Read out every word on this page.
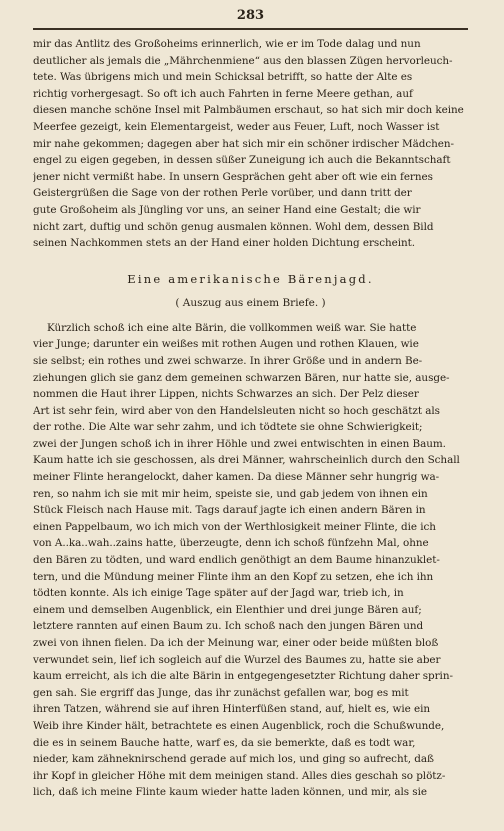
283
mir das Antlitz des Großoheims erinnerlich, wie er im Tode dalag und nun
deutlicher als jemals die „Mährchenmiene“ aus den blassen Zügen hervorleuch-
tete. Was übrigens mich und mein Schicksal betrifft, so hatte der Alte es
richtig vorhergesagt. So oft ich auch Fahrten in ferne Meere gethan, auf
diesen manche schöne Insel mit Palmbäumen erschaut, so hat sich mir doch keine
Meerfee gezeigt, kein Elementargeist, weder aus Feuer, Luft, noch Wasser ist
mir nahe gekommen; dagegen aber hat sich mir ein schöner irdischer Mädchen-
engel zu eigen gegeben, in dessen süßer Zuneigung ich auch die Bekanntschaft
jener nicht vermißt habe. In unsern Gesprächen geht aber oft wie ein fernes
Geistergrüßen die Sage von der rothen Perle vorüber, und dann tritt der
gute Großoheim als Jüngling vor uns, an seiner Hand eine Gestalt; die wir
nicht zart, duftig und schön genug ausmalen können. Wohl dem, dessen Bild
seinen Nachkommen stets an der Hand einer holden Dichtung erscheint.
Eine amerikanische Bärenjagd.
( Auszug aus einem Briefe. )
Kürzlich schoß ich eine alte Bärin, die vollkommen weiß war. Sie hatte
vier Junge; darunter ein weißes mit rothen Augen und rothen Klauen, wie
sie selbst; ein rothes und zwei schwarze. In ihrer Größe und in andern Be-
ziehungen glich sie ganz dem gemeinen schwarzen Bären, nur hatte sie, ausge-
nommen die Haut ihrer Lippen, nichts Schwarzes an sich. Der Pelz dieser
Art ist sehr fein, wird aber von den Handelsleuten nicht so hoch geschätzt als
der rothe. Die Alte war sehr zahm, und ich tödtete sie ohne Schwierigkeit;
zwei der Jungen schoß ich in ihrer Höhle und zwei entwischten in einen Baum.
Kaum hatte ich sie geschossen, als drei Männer, wahrscheinlich durch den Schall
meiner Flinte herangelockt, daher kamen. Da diese Männer sehr hungrig wa-
ren, so nahm ich sie mit mir heim, speiste sie, und gab jedem von ihnen ein
Stück Fleisch nach Hause mit. Tags darauf jagte ich einen andern Bären in
einen Pappelbaum, wo ich mich von der Werthlosigkeit meiner Flinte, die ich
von A..ka..wah..zains hatte, überzeugte, denn ich schoß fünfzehn Mal, ohne
den Bären zu tödten, und ward endlich genöthigt an dem Baume hinanzuklet-
tern, und die Mündung meiner Flinte ihm an den Kopf zu setzen, ehe ich ihn
tödten konnte. Als ich einige Tage später auf der Jagd war, trieb ich, in
einem und demselben Augenblick, ein Elenthier und drei junge Bären auf;
letztere rannten auf einen Baum zu. Ich schoß nach den jungen Bären und
zwei von ihnen fielen. Da ich der Meinung war, einer oder beide müßten bloß
verwundet sein, lief ich sogleich auf die Wurzel des Baumes zu, hatte sie aber
kaum erreicht, als ich die alte Bärin in entgegengesetzter Richtung daher sprin-
gen sah. Sie ergriff das Junge, das ihr zunächst gefallen war, bog es mit
ihren Tatzen, während sie auf ihren Hinterfüßen stand, auf, hielt es, wie ein
Weib ihre Kinder hält, betrachtete es einen Augenblick, roch die Schußwunde,
die es in seinem Bauche hatte, warf es, da sie bemerkte, daß es todt war,
nieder, kam zähneknirschend gerade auf mich los, und ging so aufrecht, daß
ihr Kopf in gleicher Höhe mit dem meinigen stand. Alles dies geschah so plötz-
lich, daß ich meine Flinte kaum wieder hatte laden können, und mir, als sie
